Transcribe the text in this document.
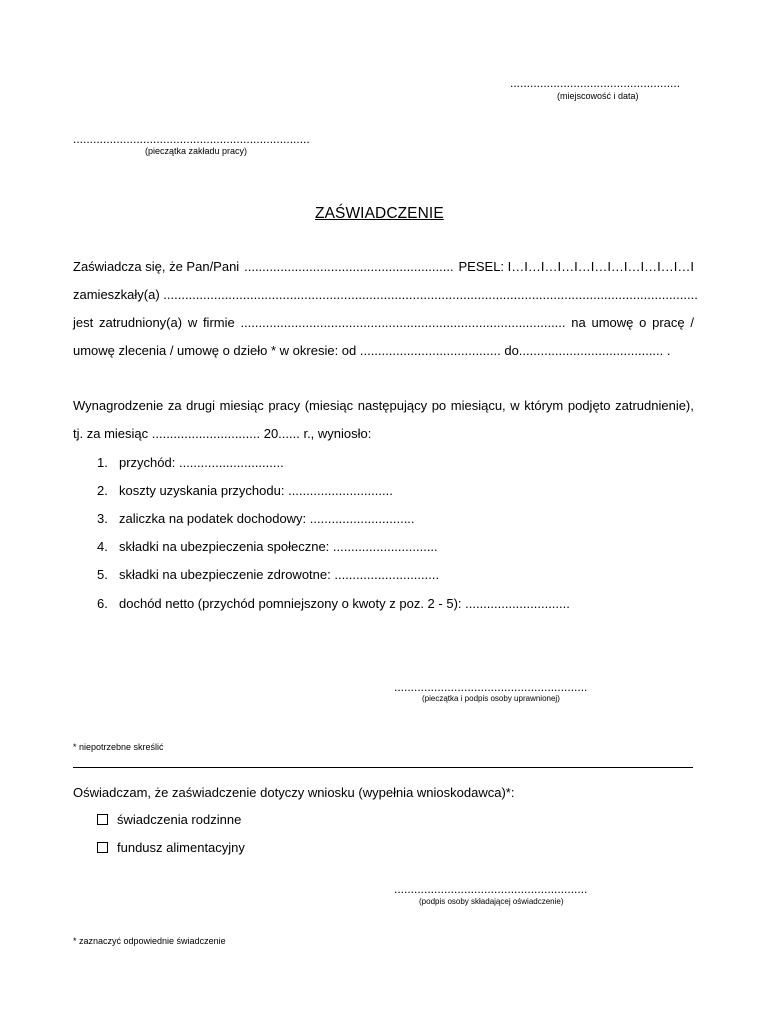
...................................................
(miejscowość i data)
.......................................................................
(pieczątka zakładu pracy)
ZAŚWIADCZENIE
Zaświadcza się, że Pan/Pani .......................................................... PESEL: I…I…I…I…I…I…I…I…I…I…I…I
zamieszkały(a) ....................................................................................................................................................
jest zatrudniony(a) w firmie .......................................................................................... na umowę o pracę /
umowę zlecenia / umowę o dzieło * w okresie: od ....................................... do........................................ .
Wynagrodzenie za drugi miesiąc pracy (miesiąc następujący po miesiącu, w którym podjęto zatrudnienie),
tj. za miesiąc .............................. 20...... r., wyniosło:
1. przychód: .............................
2. koszty uzyskania przychodu: .............................
3. zaliczka na podatek dochodowy: .............................
4. składki na ubezpieczenia społeczne: .............................
5. składki na ubezpieczenie zdrowotne: .............................
6. dochód netto (przychód pomniejszony o kwoty z poz. 2 - 5): .............................
..........................................................
(pieczątka i podpis osoby uprawnionej)
* niepotrzebne skreślić
Oświadczam, że zaświadczenie dotyczy wniosku (wypełnia wnioskodawca)*:
świadczenia rodzinne
fundusz alimentacyjny
..........................................................
(podpis osoby składającej oświadczenie)
* zaznaczyć odpowiednie świadczenie
